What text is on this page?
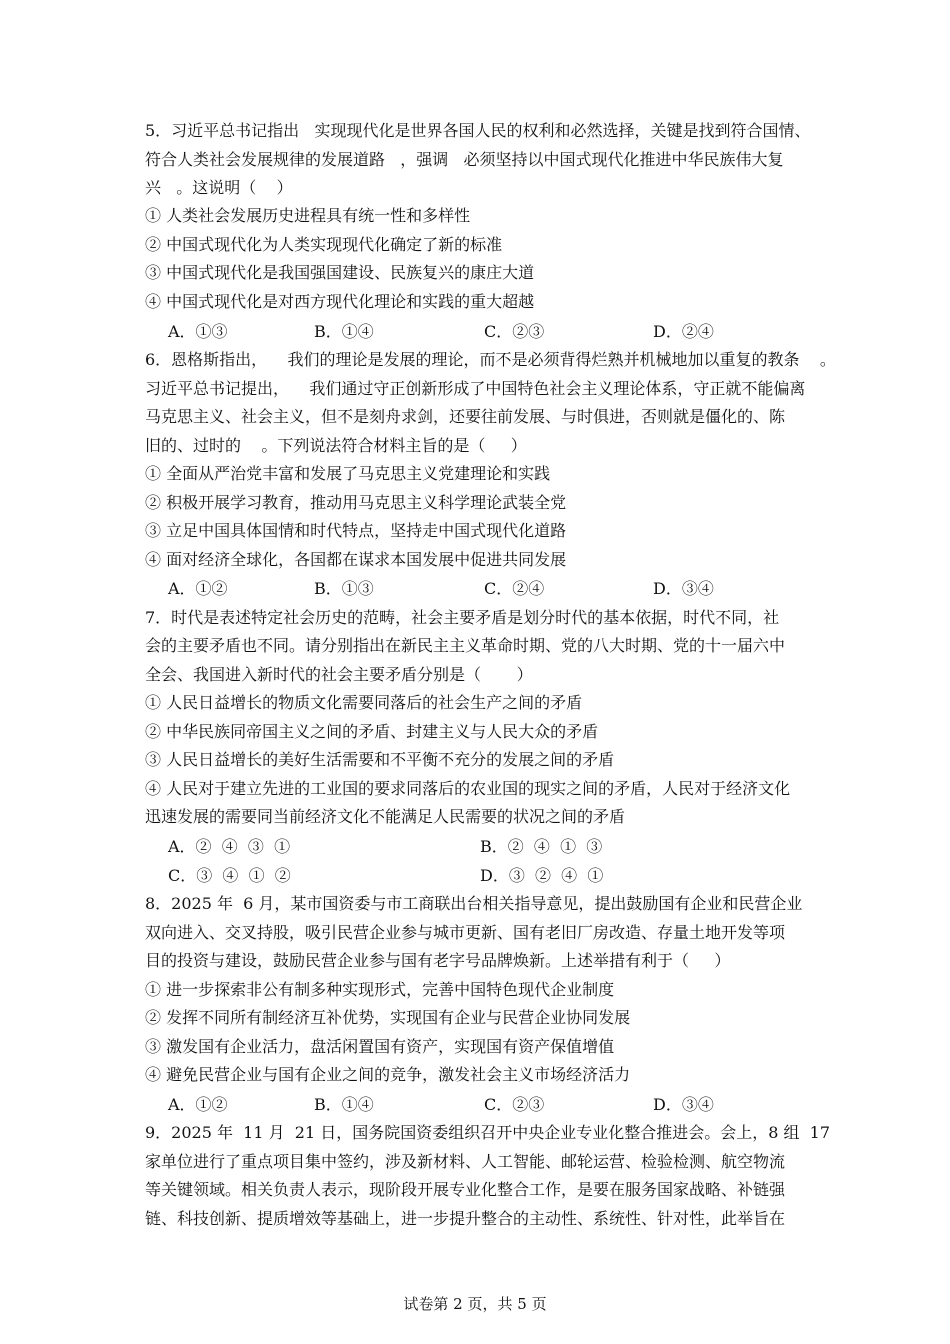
5．习近平总书记指出   实现现代化是世界各国人民的权利和必然选择，关键是找到符合国情、
符合人类社会发展规律的发展道路   ，强调   必须坚持以中国式现代化推进中华民族伟大复
兴   。这说明（    ）
① 人类社会发展历史进程具有统一性和多样性
② 中国式现代化为人类实现现代化确定了新的标准
③ 中国式现代化是我国强国建设、民族复兴的康庄大道
④ 中国式现代化是对西方现代化理论和实践的重大超越
A．①③	B．①④	C．②③	D．②④
6．恩格斯指出，    我们的理论是发展的理论，而不是必须背得烂熟并机械地加以重复的教条    。
习近平总书记提出，    我们通过守正创新形成了中国特色社会主义理论体系，守正就不能偏离
马克思主义、社会主义，但不是刻舟求剑，还要往前发展、与时俱进，否则就是僵化的、陈
旧的、过时的    。下列说法符合材料主旨的是（     ）
① 全面从严治党丰富和发展了马克思主义党建理论和实践
② 积极开展学习教育，推动用马克思主义科学理论武装全党
③ 立足中国具体国情和时代特点，坚持走中国式现代化道路
④ 面对经济全球化，各国都在谋求本国发展中促进共同发展
A．①②	B．①③	C．②④	D．③④
7．时代是表述特定社会历史的范畴，社会主要矛盾是划分时代的基本依据，时代不同，社
会的主要矛盾也不同。请分别指出在新民主主义革命时期、党的八大时期、党的十一届六中
全会、我国进入新时代的社会主要矛盾分别是（       ）
① 人民日益增长的物质文化需要同落后的社会生产之间的矛盾
② 中华民族同帝国主义之间的矛盾、封建主义与人民大众的矛盾
③ 人民日益增长的美好生活需要和不平衡不充分的发展之间的矛盾
④ 人民对于建立先进的工业国的要求同落后的农业国的现实之间的矛盾，人民对于经济文化
迅速发展的需要同当前经济文化不能满足人民需要的状况之间的矛盾
A．②  ④  ③  ①	B．②  ④  ①  ③
C．③  ④  ①  ②	D．③  ②  ④  ①
8．2025 年  6 月，某市国资委与市工商联出台相关指导意见，提出鼓励国有企业和民营企业
双向进入、交叉持股，吸引民营企业参与城市更新、国有老旧厂房改造、存量土地开发等项
目的投资与建设，鼓励民营企业参与国有老字号品牌焕新。上述举措有利于（     ）
① 进一步探索非公有制多种实现形式，完善中国特色现代企业制度
② 发挥不同所有制经济互补优势，实现国有企业与民营企业协同发展
③ 激发国有企业活力，盘活闲置国有资产，实现国有资产保值增值
④ 避免民营企业与国有企业之间的竞争，激发社会主义市场经济活力
A．①②	B．①④	C．②③	D．③④
9．2025 年  11 月  21 日，国务院国资委组织召开中央企业专业化整合推进会。会上，8 组  17
家单位进行了重点项目集中签约，涉及新材料、人工智能、邮轮运营、检验检测、航空物流
等关键领域。相关负责人表示，现阶段开展专业化整合工作，是要在服务国家战略、补链强
链、科技创新、提质增效等基础上，进一步提升整合的主动性、系统性、针对性，此举旨在
试卷第 2 页，共 5 页
